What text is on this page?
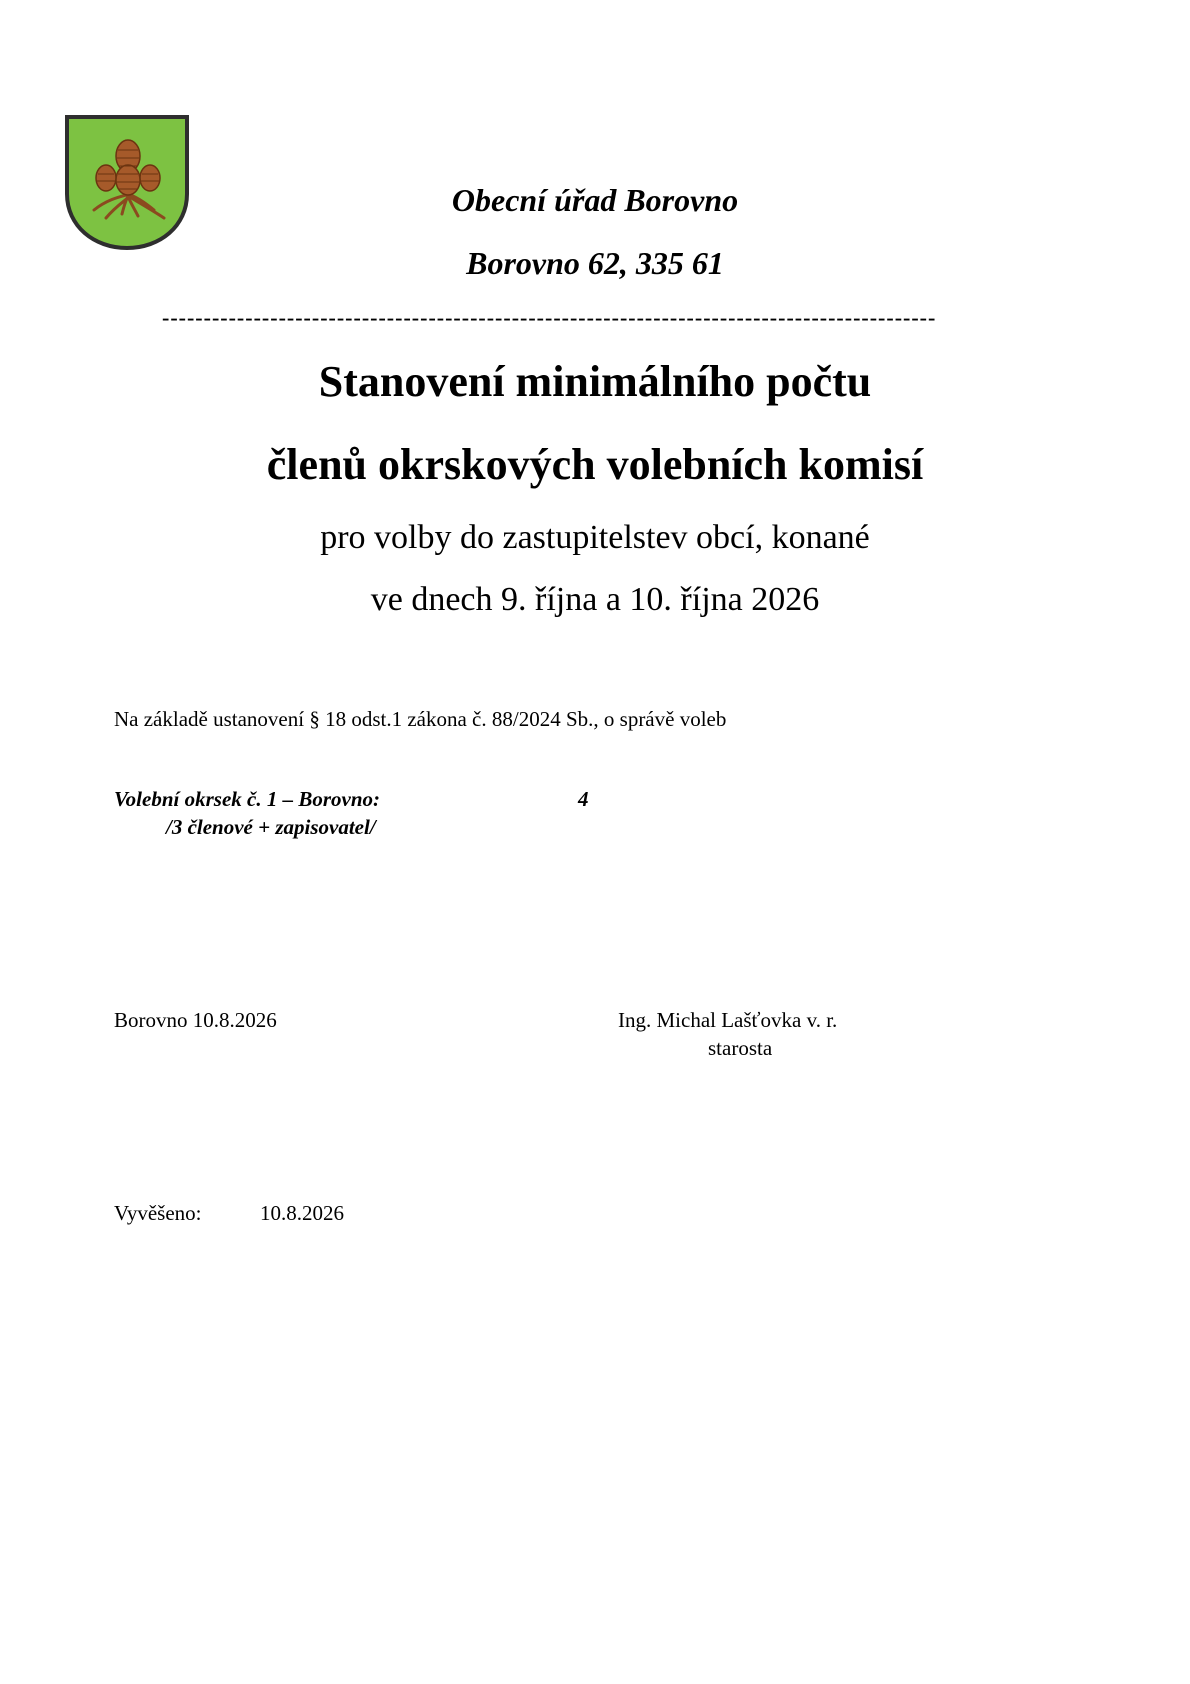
Obecní úřad Borovno
Borovno 62, 335 61
---------------------------------------------------------------------------------------------
Stanovení minimálního počtu
členů okrskových volebních komisí
pro volby do zastupitelstev obcí, konané
ve dnech 9. října a 10. října 2026
Na základě ustanovení § 18 odst.1 zákona č. 88/2024 Sb., o správě voleb
Volební okrsek č. 1 – Borovno:	4
/3 členové + zapisovatel/
Borovno 10.8.2026	Ing. Michal Lašťovka v. r.
starosta
Vyvěšeno:	10.8.2026
